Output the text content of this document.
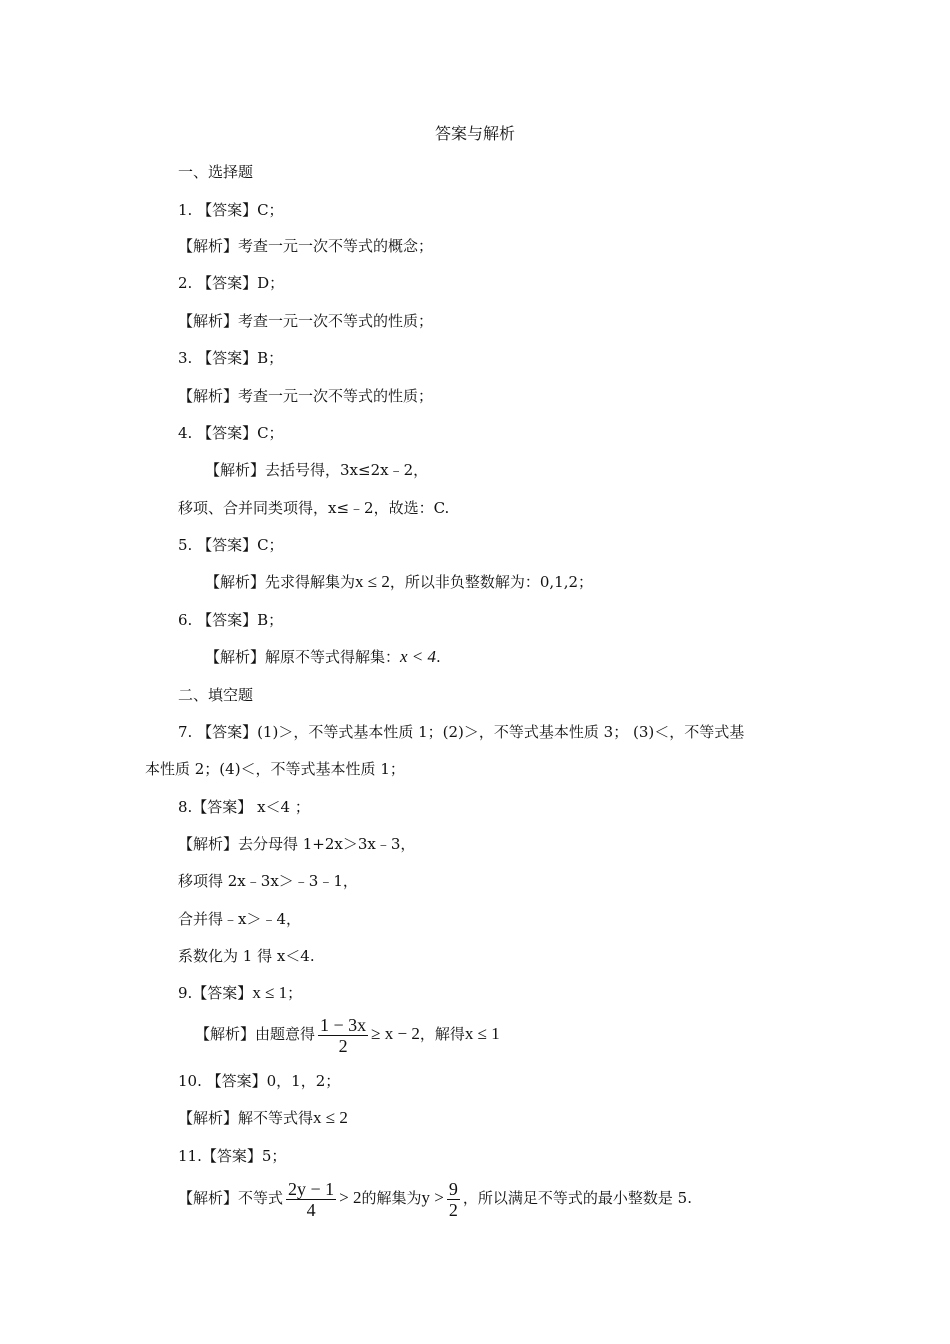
答案与解析
一、选择题
1. 【答案】C；
【解析】考查一元一次不等式的概念；
2. 【答案】D；
【解析】考查一元一次不等式的性质；
3. 【答案】B；
【解析】考查一元一次不等式的性质；
4. 【答案】C；
【解析】去括号得，3x≤2x﹣2，
移项、合并同类项得，x≤﹣2，故选：C.
5. 【答案】C；
【解析】先求得解集为x ≤ 2，所以非负整数解为：0,1,2；
6. 【答案】B；
【解析】解原不等式得解集：x < 4.
二、填空题
7. 【答案】(1)＞，不等式基本性质 1；(2)＞，不等式基本性质 3； (3)＜，不等式基
本性质 2；(4)＜，不等式基本性质 1；
8.【答案】 x＜4 ；
【解析】去分母得 1+2x＞3x﹣3，
移项得 2x﹣3x＞﹣3﹣1，
合并得﹣x＞﹣4，
系数化为 1 得 x＜4.
9.【答案】x ≤ 1；
【解析】由题意得 $\frac{1 - 3x}{2} \ge x - 2$，解得x ≤ 1
10. 【答案】0，1，2；
【解析】解不等式得x ≤ 2
11.【答案】5；
【解析】不等式 $\frac{2y - 1}{4} > 2$的解集为$y > \frac{9}{2}$ ，所以满足不等式的最小整数是 5.
